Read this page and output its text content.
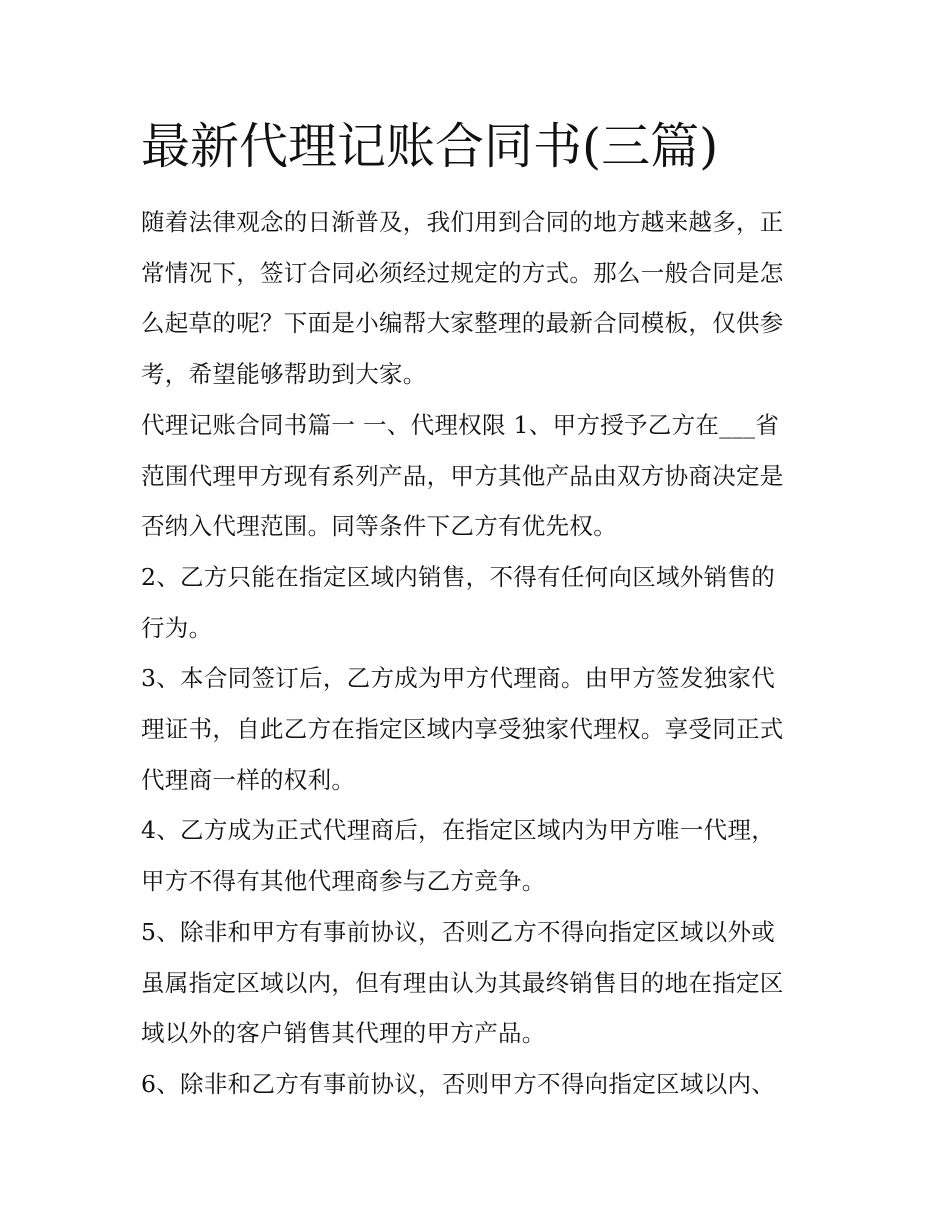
最新代理记账合同书(三篇)

随着法律观念的日渐普及，我们用到合同的地方越来越多，正
常情况下，签订合同必须经过规定的方式。那么一般合同是怎
么起草的呢？下面是小编帮大家整理的最新合同模板，仅供参
考，希望能够帮助到大家。

代理记账合同书篇一 一、代理权限 1、甲方授予乙方在___省
范围代理甲方现有系列产品，甲方其他产品由双方协商决定是
否纳入代理范围。同等条件下乙方有优先权。

2、乙方只能在指定区域内销售，不得有任何向区域外销售的
行为。

3、本合同签订后，乙方成为甲方代理商。由甲方签发独家代
理证书，自此乙方在指定区域内享受独家代理权。享受同正式
代理商一样的权利。

4、乙方成为正式代理商后，在指定区域内为甲方唯一代理，
甲方不得有其他代理商参与乙方竞争。

5、除非和甲方有事前协议，否则乙方不得向指定区域以外或
虽属指定区域以内，但有理由认为其最终销售目的地在指定区
域以外的客户销售其代理的甲方产品。

6、除非和乙方有事前协议，否则甲方不得向指定区域以内、
